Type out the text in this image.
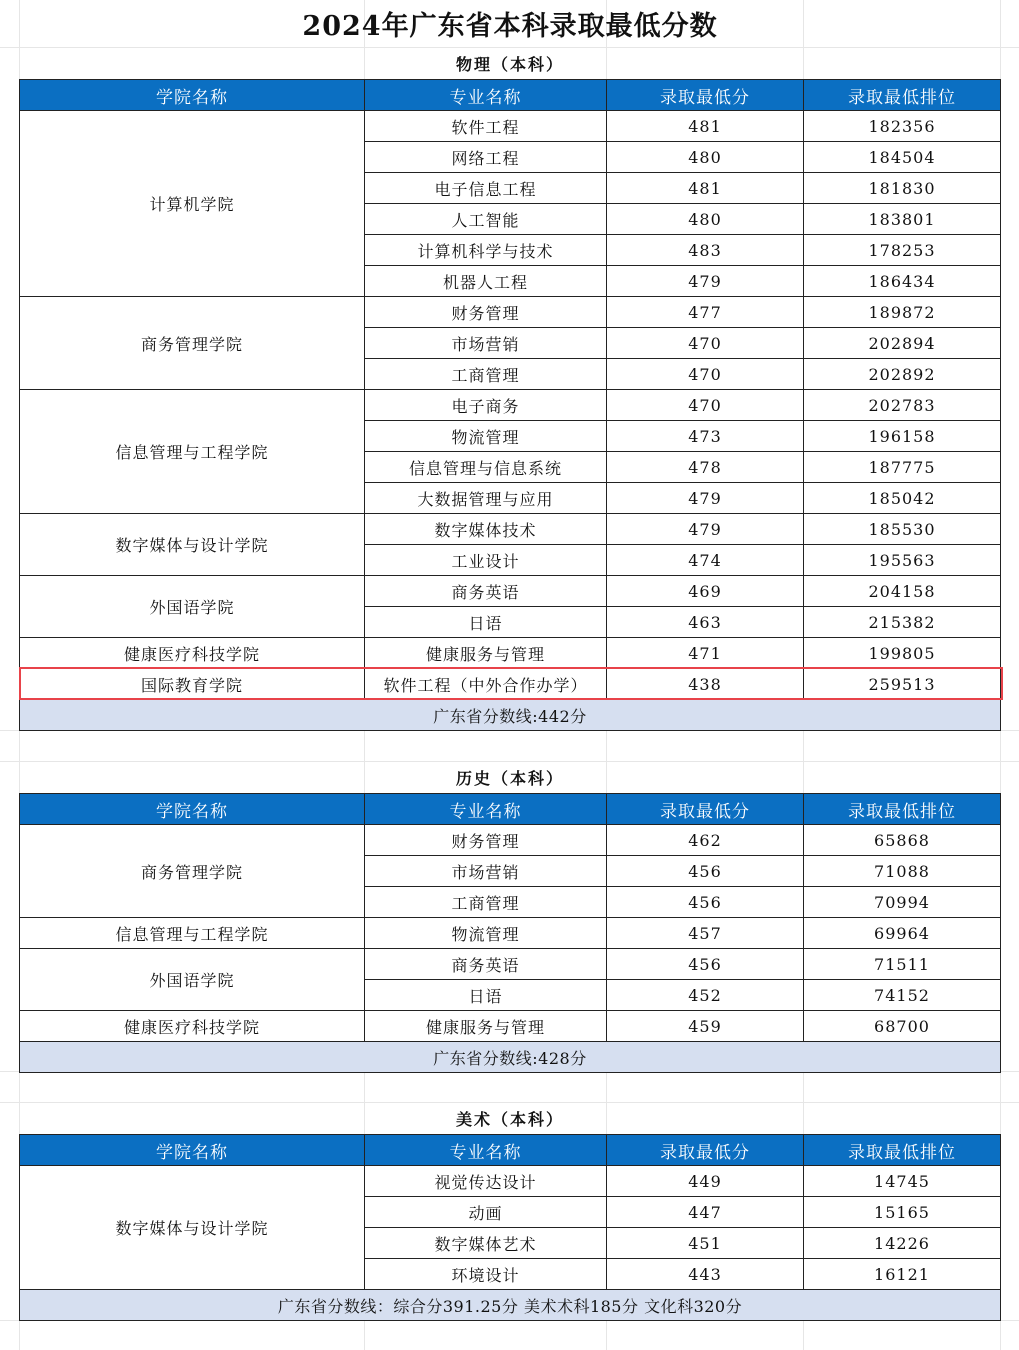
2024年广东省本科录取最低分数
物理（本科）
学院名称	专业名称	录取最低分	录取最低排位
计算机学院	软件工程	481	182356
	网络工程	480	184504
	电子信息工程	481	181830
	人工智能	480	183801
	计算机科学与技术	483	178253
	机器人工程	479	186434
商务管理学院	财务管理	477	189872
	市场营销	470	202894
	工商管理	470	202892
信息管理与工程学院	电子商务	470	202783
	物流管理	473	196158
	信息管理与信息系统	478	187775
	大数据管理与应用	479	185042
数字媒体与设计学院	数字媒体技术	479	185530
	工业设计	474	195563
外国语学院	商务英语	469	204158
	日语	463	215382
健康医疗科技学院	健康服务与管理	471	199805
国际教育学院	软件工程（中外合作办学）	438	259513
广东省分数线:442分			
历史（本科）
学院名称	专业名称	录取最低分	录取最低排位
商务管理学院	财务管理	462	65868
	市场营销	456	71088
	工商管理	456	70994
信息管理与工程学院	物流管理	457	69964
外国语学院	商务英语	456	71511
	日语	452	74152
健康医疗科技学院	健康服务与管理	459	68700
广东省分数线:428分			
美术（本科）
学院名称	专业名称	录取最低分	录取最低排位
数字媒体与设计学院	视觉传达设计	449	14745
	动画	447	15165
	数字媒体艺术	451	14226
	环境设计	443	16121
广东省分数线：综合分391.25分 美术术科185分 文化科320分			
